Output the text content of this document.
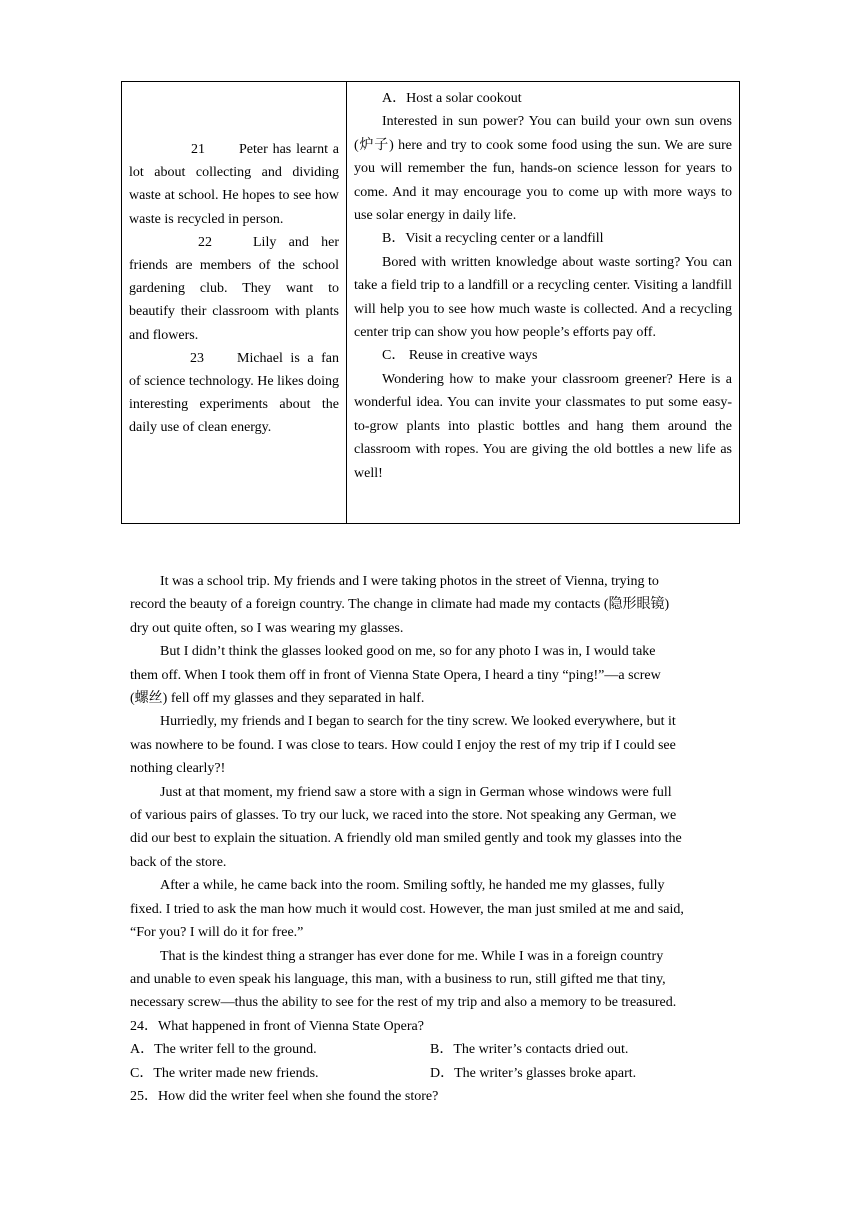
21 Peter has learnt a lot about collecting and dividing waste at school. He hopes to see how waste is recycled in person.

22	Lily and her friends are members of the school gardening club. They want to beautify their classroom with plants and flowers.

23 Michael is a fan of science technology. He likes doing interesting experiments about the daily use of clean energy.

A．Host a solar cookout

Interested in sun power? You can build your own sun ovens (炉子) here and try to cook some food using the sun. We are sure you will remember the fun, hands-on science lesson for years to come. And it may encourage you to come up with more ways to use solar energy in daily life.

B．Visit a recycling center or a landfill

Bored with written knowledge about waste sorting? You can take a field trip to a landfill or a recycling center. Visiting a landfill will help you to see how much waste is collected. And a recycling center trip can show you how people’s efforts pay off.

C． Reuse in creative ways

Wondering how to make your classroom greener? Here is a wonderful idea. You can invite your classmates to put some easy-to-grow plants into plastic bottles and hang them around the classroom with ropes. You are giving the old bottles a new life as well!

It was a school trip. My friends and I were taking photos in the street of Vienna, trying to

record the beauty of a foreign country. The change in climate had made my contacts (隐形眼镜)

dry out quite often, so I was wearing my glasses.

But I didn’t think the glasses looked good on me, so for any photo I was in, I would take

them off. When I took them off in front of Vienna State Opera, I heard a tiny “ping!”—a screw

(螺丝) fell off my glasses and they separated in half.

Hurriedly, my friends and I began to search for the tiny screw. We looked everywhere, but it

was nowhere to be found. I was close to tears. How could I enjoy the rest of my trip if I could see

nothing clearly?!

Just at that moment, my friend saw a store with a sign in German whose windows were full

of various pairs of glasses. To try our luck, we raced into the store. Not speaking any German, we

did our best to explain the situation. A friendly old man smiled gently and took my glasses into the

back of the store.

After a while, he came back into the room. Smiling softly, he handed me my glasses, fully

fixed. I tried to ask the man how much it would cost. However, the man just smiled at me and said,

“For you? I will do it for free.”

That is the kindest thing a stranger has ever done for me. While I was in a foreign country

and unable to even speak his language, this man, with a business to run, still gifted me that tiny,

necessary screw—thus the ability to see for the rest of my trip and also a memory to be treasured.

24．What happened in front of Vienna State Opera?

A．The writer fell to the ground.	B．The writer’s contacts dried out.
C．The writer made new friends.	D．The writer’s glasses broke apart.

25．How did the writer feel when she found the store?
